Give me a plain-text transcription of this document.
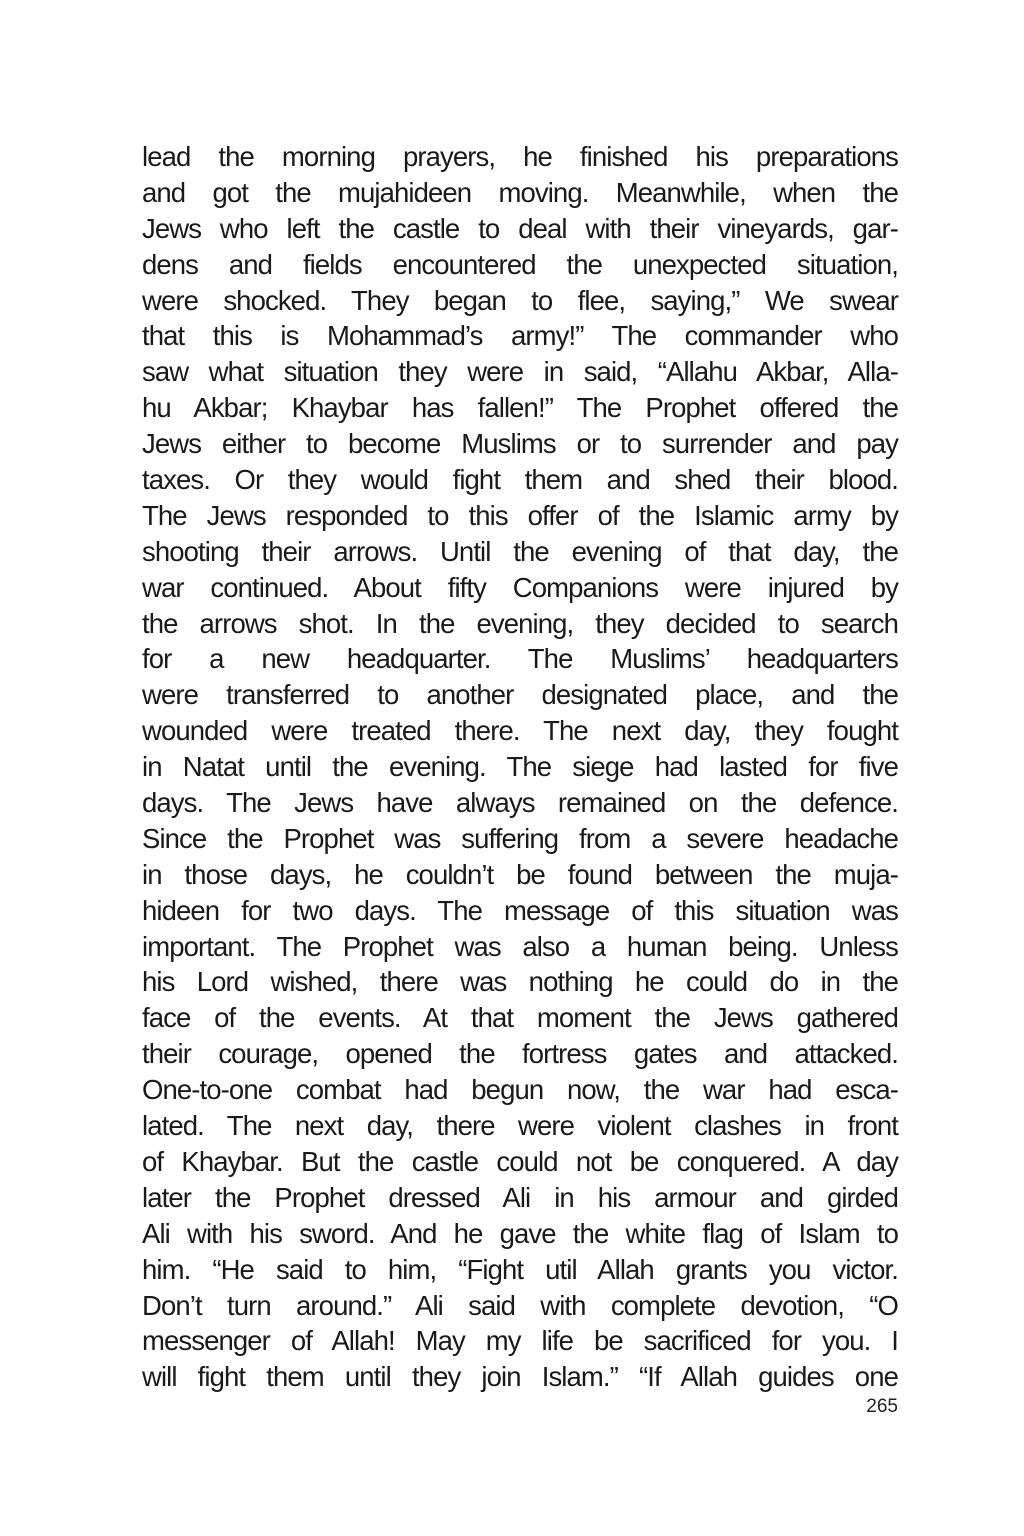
lead the morning prayers, he finished his preparations
and got the mujahideen moving. Meanwhile, when the
Jews who left the castle to deal with their vineyards, gar-
dens and fields encountered the unexpected situation,
were shocked. They began to flee, saying,” We swear
that this is Mohammad’s army!” The commander who
saw what situation they were in said, “Allahu Akbar, Alla-
hu Akbar; Khaybar has fallen!” The Prophet offered the
Jews either to become Muslims or to surrender and pay
taxes. Or they would fight them and shed their blood.
The Jews responded to this offer of the Islamic army by
shooting their arrows. Until the evening of that day, the
war continued. About fifty Companions were injured by
the arrows shot. In the evening, they decided to search
for a new headquarter. The Muslims’ headquarters
were transferred to another designated place, and the
wounded were treated there. The next day, they fought
in Natat until the evening. The siege had lasted for five
days. The Jews have always remained on the defence.
Since the Prophet was suffering from a severe headache
in those days, he couldn’t be found between the muja-
hideen for two days. The message of this situation was
important. The Prophet was also a human being. Unless
his Lord wished, there was nothing he could do in the
face of the events. At that moment the Jews gathered
their courage, opened the fortress gates and attacked.
One-to-one combat had begun now, the war had esca-
lated. The next day, there were violent clashes in front
of Khaybar. But the castle could not be conquered. A day
later the Prophet dressed Ali in his armour and girded
Ali with his sword. And he gave the white flag of Islam to
him. “He said to him, “Fight util Allah grants you victor.
Don’t turn around.” Ali said with complete devotion, “O
messenger of Allah! May my life be sacrificed for you. I
will fight them until they join Islam.” “If Allah guides one
265
